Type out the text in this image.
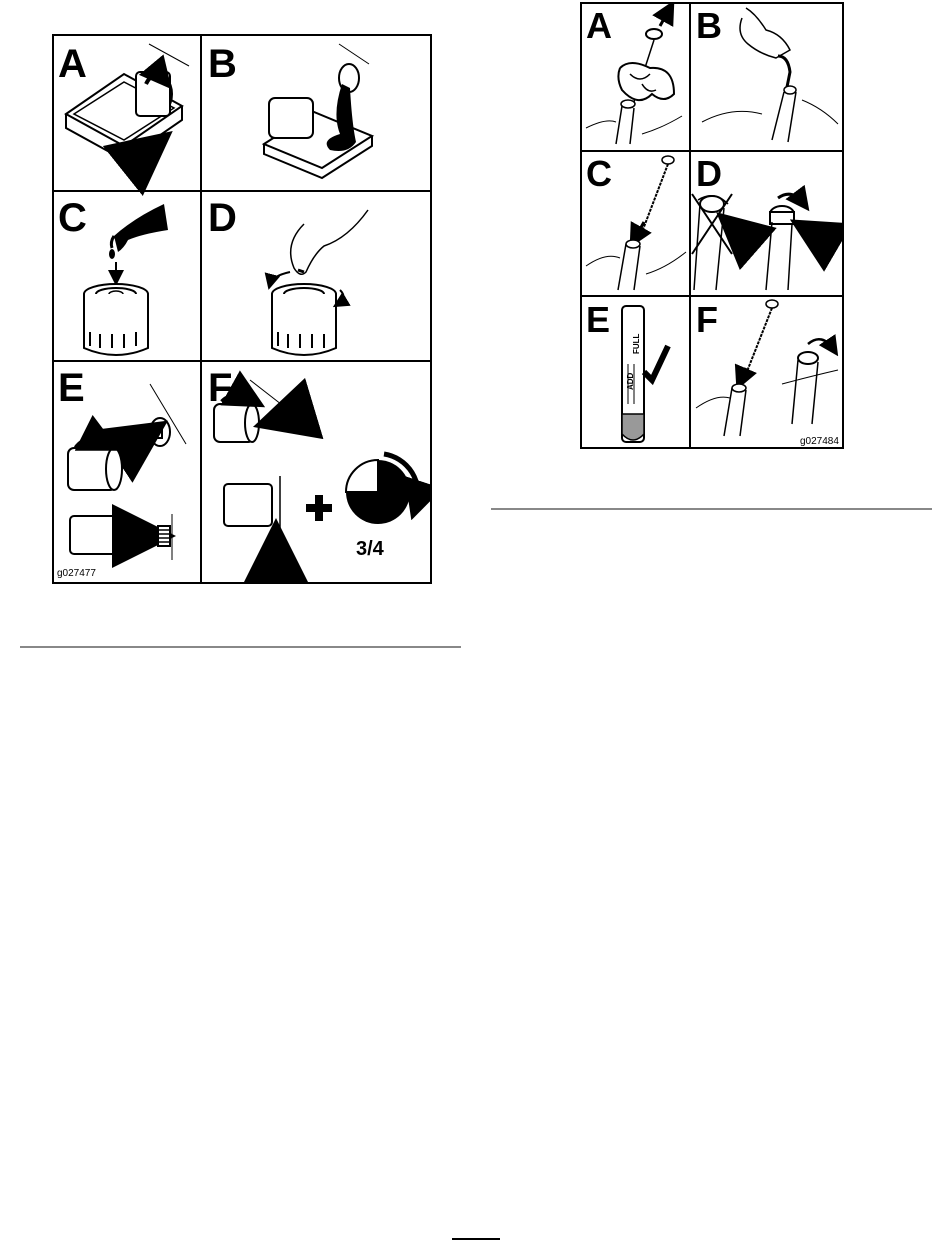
A	B
C	D
E	F
3/4
g027477
A B
C D
E F
ADD
FULL
g027484
